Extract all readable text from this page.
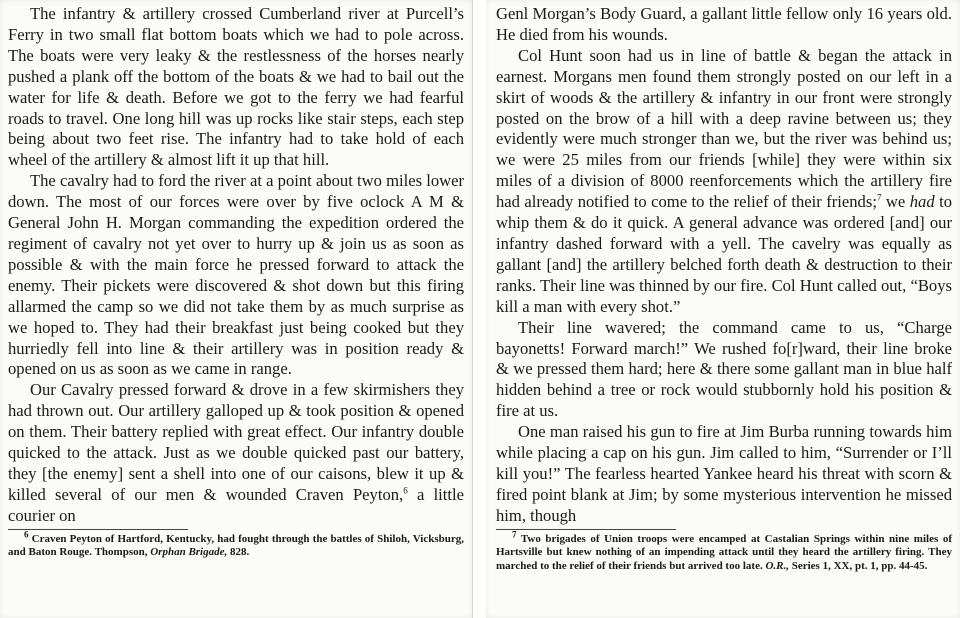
The infantry & artillery crossed Cumberland river at Purcell’s Ferry in two small flat bottom boats which we had to pole across. The boats were very leaky & the restlessness of the horses nearly pushed a plank off the bottom of the boats & we had to bail out the water for life & death. Before we got to the ferry we had fearful roads to travel. One long hill was up rocks like stair steps, each step being about two feet rise. The infantry had to take hold of each wheel of the artillery & almost lift it up that hill.

The cavalry had to ford the river at a point about two miles lower down. The most of our forces were over by five oclock A M & General John H. Morgan commanding the expedition ordered the regiment of cavalry not yet over to hurry up & join us as soon as possible & with the main force he pressed forward to attack the enemy. Their pickets were discovered & shot down but this firing allarmed the camp so we did not take them by as much surprise as we hoped to. They had their breakfast just being cooked but they hurriedly fell into line & their artillery was in position ready & opened on us as soon as we came in range.

Our Cavalry pressed forward & drove in a few skirmishers they had thrown out. Our artillery galloped up & took position & opened on them. Their battery replied with great effect. Our infantry double quicked to the attack. Just as we double quicked past our battery, they [the enemy] sent a shell into one of our caisons, blew it up & killed several of our men & wounded Craven Peyton,$^6$ a little courier on

$^6$ Craven Peyton of Hartford, Kentucky, had fought through the battles of Shiloh, Vicksburg, and Baton Rouge. Thompson, Orphan Brigade, 828.

Genl Morgan’s Body Guard, a gallant little fellow only 16 years old. He died from his wounds.

Col Hunt soon had us in line of battle & began the attack in earnest. Morgans men found them strongly posted on our left in a skirt of woods & the artillery & infantry in our front were strongly posted on the brow of a hill with a deep ravine between us; they evidently were much stronger than we, but the river was behind us; we were 25 miles from our friends [while] they were within six miles of a division of 8000 reenforcements which the artillery fire had already notified to come to the relief of their friends;$^7$ we had to whip them & do it quick. A general advance was ordered [and] our infantry dashed forward with a yell. The cavelry was equally as gallant [and] the artillery belched forth death & destruction to their ranks. Their line was thinned by our fire. Col Hunt called out, “Boys kill a man with every shot.”

Their line wavered; the command came to us, “Charge bayonetts! Forward march!” We rushed fo[r]ward, their line broke & we pressed them hard; here & there some gallant man in blue half hidden behind a tree or rock would stubbornly hold his position & fire at us.

One man raised his gun to fire at Jim Burba running towards him while placing a cap on his gun. Jim called to him, “Surrender or I’ll kill you!” The fearless hearted Yankee heard his threat with scorn & fired point blank at Jim; by some mysterious intervention he missed him, though

$^7$ Two brigades of Union troops were encamped at Castalian Springs within nine miles of Hartsville but knew nothing of an impending attack until they heard the artillery firing. They marched to the relief of their friends but arrived too late. O.R., Series 1, XX, pt. 1, pp. 44-45.
